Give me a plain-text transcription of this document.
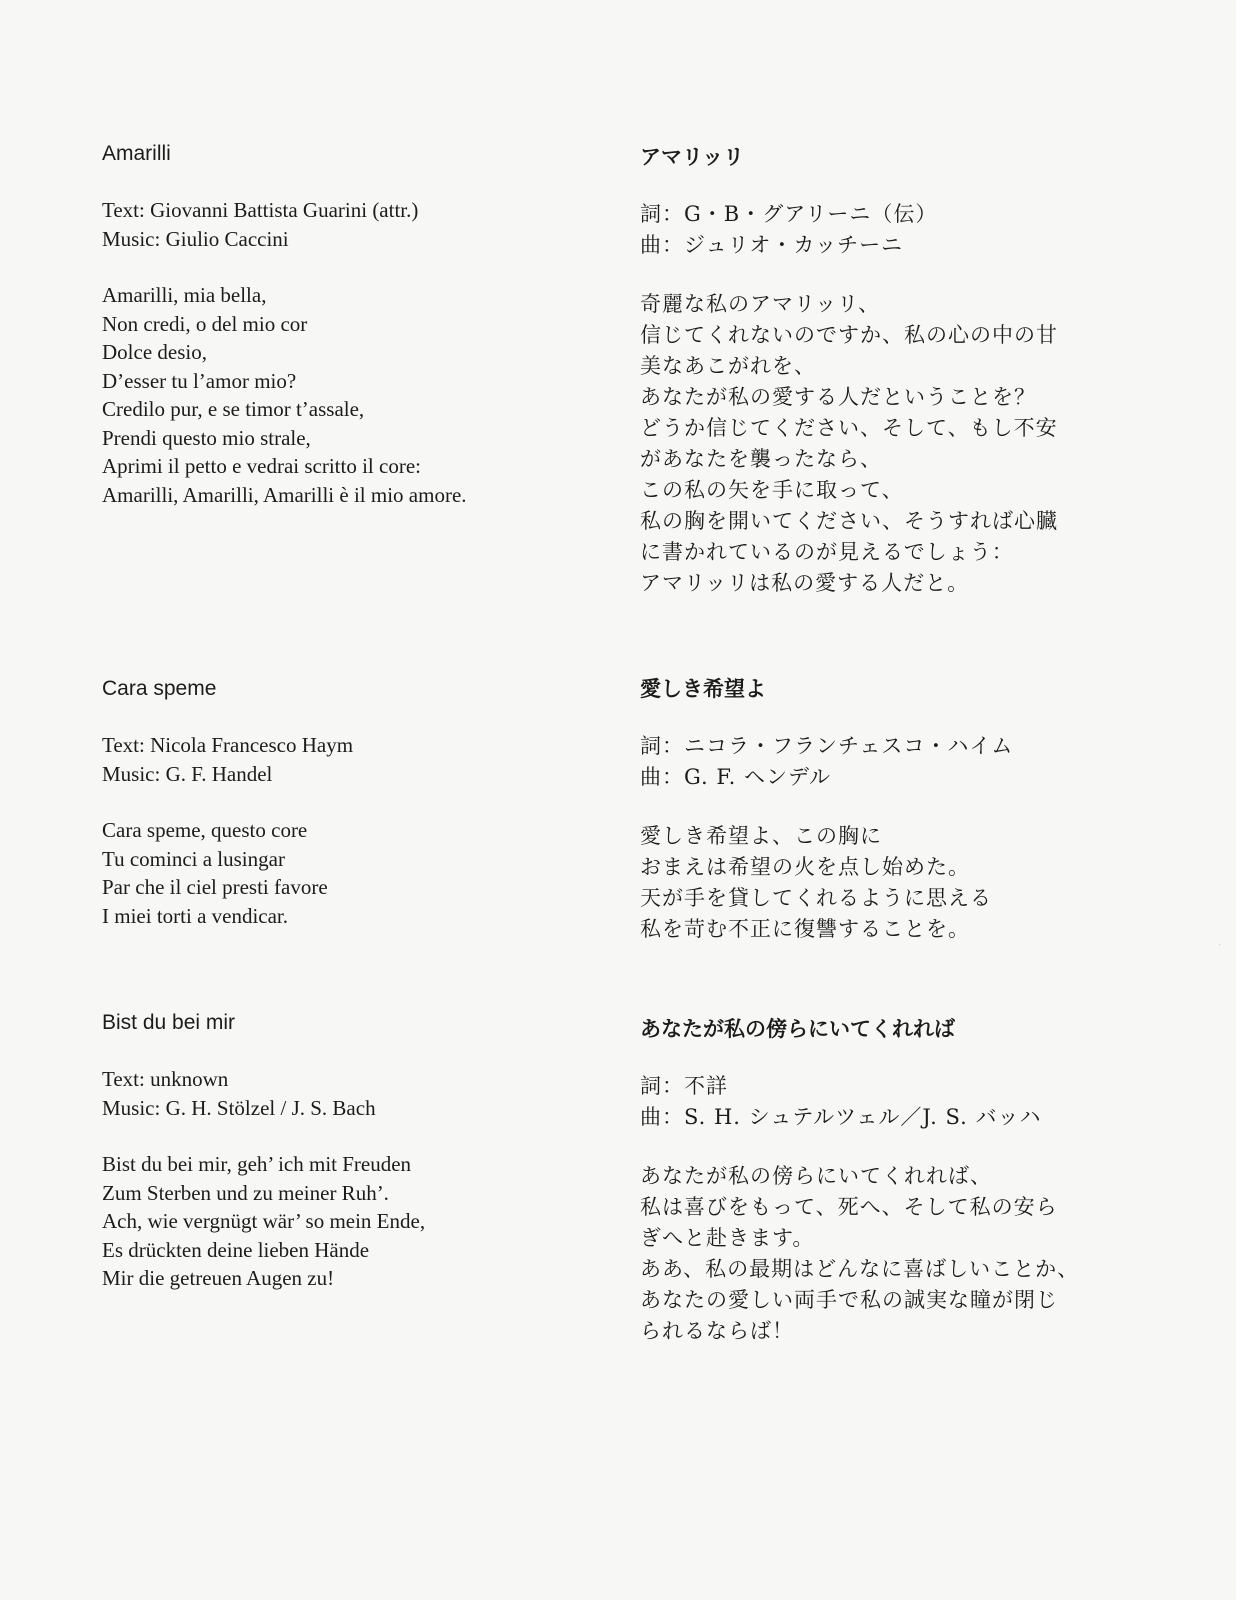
Amarilli
Text: Giovanni Battista Guarini (attr.)
Music: Giulio Caccini
Amarilli, mia bella,
Non credi, o del mio cor
Dolce desio,
D’esser tu l’amor mio?
Credilo pur, e se timor t’assale,
Prendi questo mio strale,
Aprimi il petto e vedrai scritto il core:
Amarilli, Amarilli, Amarilli è il mio amore.
Cara speme
Text: Nicola Francesco Haym
Music: G. F. Handel
Cara speme, questo core
Tu cominci a lusingar
Par che il ciel presti favore
I miei torti a vendicar.
Bist du bei mir
Text: unknown
Music: G. H. Stölzel / J. S. Bach
Bist du bei mir, geh’ ich mit Freuden
Zum Sterben und zu meiner Ruh’.
Ach, wie vergnügt wär’ so mein Ende,
Es drückten deine lieben Hände
Mir die getreuen Augen zu!
アマリッリ
詞：G・B・グアリーニ（伝）
曲：ジュリオ・カッチーニ
奇麗な私のアマリッリ、
信じてくれないのですか、私の心の中の甘
美なあこがれを、
あなたが私の愛する人だということを？
どうか信じてください、そして、もし不安
があなたを襲ったなら、
この私の矢を手に取って、
私の胸を開いてください、そうすれば心臓
に書かれているのが見えるでしょう：
アマリッリは私の愛する人だと。
愛しき希望よ
詞：ニコラ・フランチェスコ・ハイム
曲：G. F. ヘンデル
愛しき希望よ、この胸に
おまえは希望の火を点し始めた。
天が手を貸してくれるように思える
私を苛む不正に復讐することを。
あなたが私の傍らにいてくれれば
詞：不詳
曲：S. H. シュテルツェル／J. S. バッハ
あなたが私の傍らにいてくれれば、
私は喜びをもって、死へ、そして私の安ら
ぎへと赴きます。
ああ、私の最期はどんなに喜ばしいことか、
あなたの愛しい両手で私の誠実な瞳が閉じ
られるならば！
·
